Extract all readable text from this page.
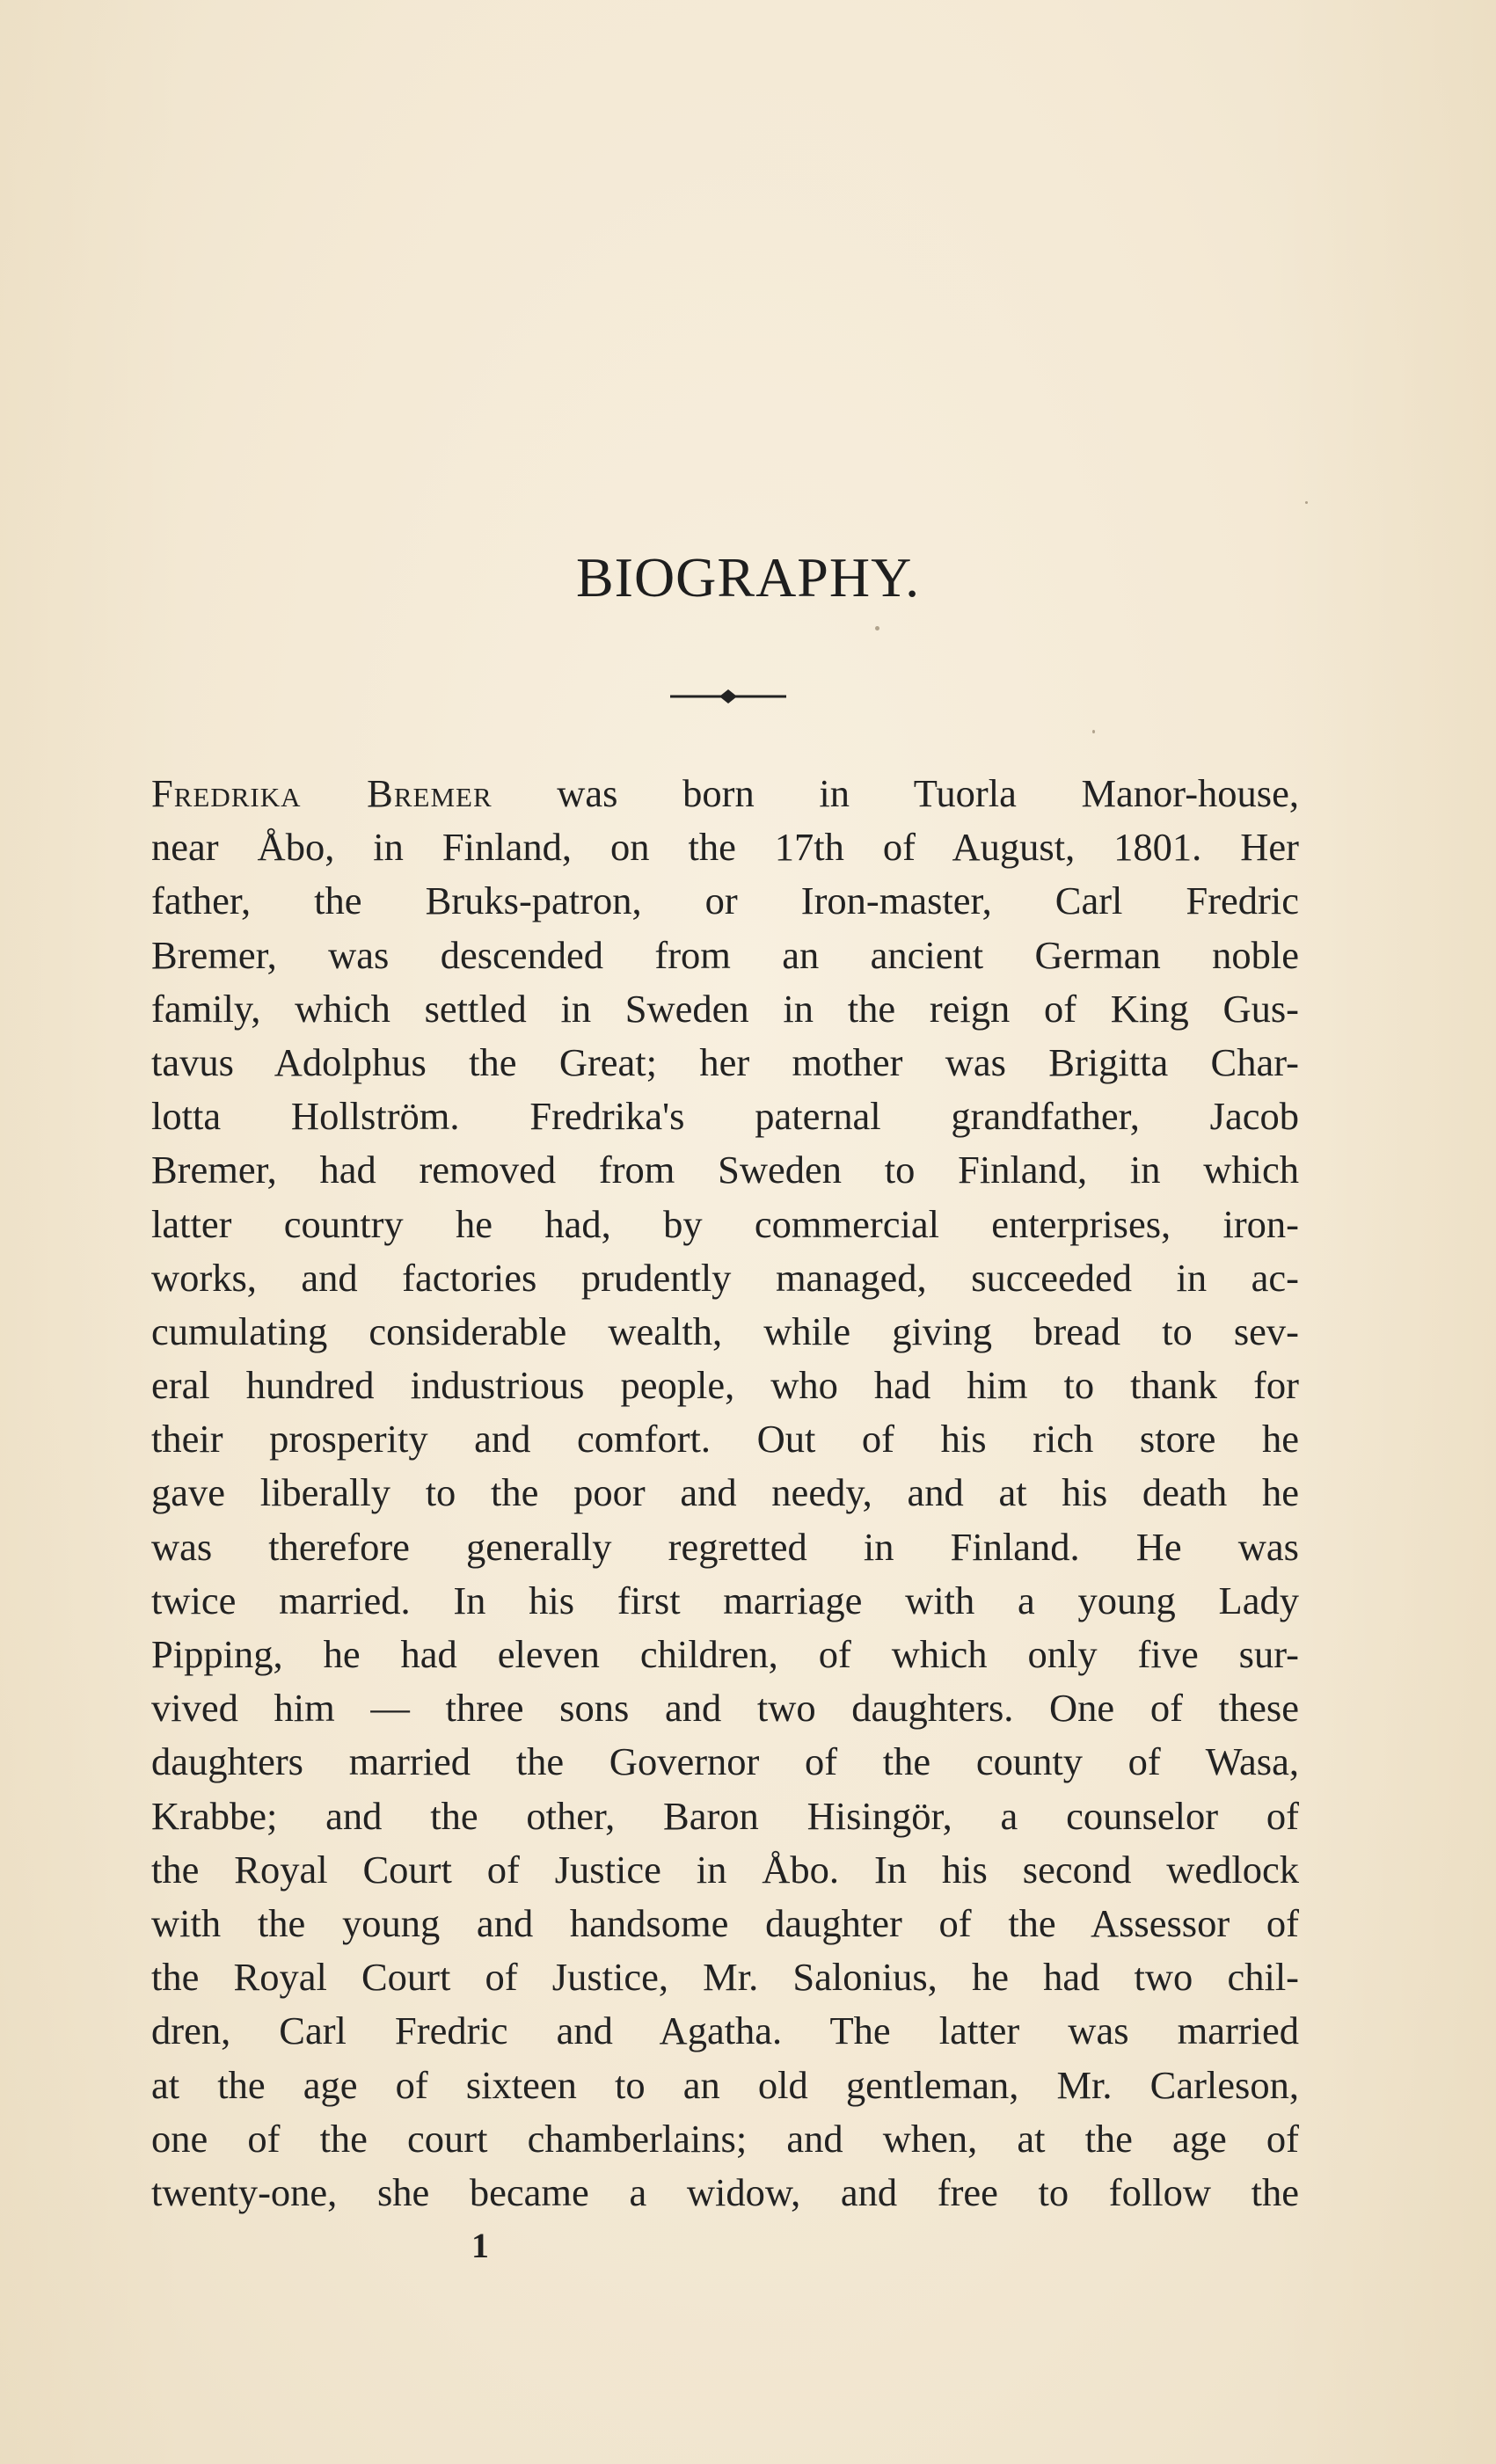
BIOGRAPHY.
Fredrika Bremer was born in Tuorla Manor-house,
near Åbo, in Finland, on the 17th of August, 1801. Her
father, the Bruks-patron, or Iron-master, Carl Fredric
Bremer, was descended from an ancient German noble
family, which settled in Sweden in the reign of King Gus-
tavus Adolphus the Great; her mother was Brigitta Char-
lotta Hollström. Fredrika's paternal grandfather, Jacob
Bremer, had removed from Sweden to Finland, in which
latter country he had, by commercial enterprises, iron-
works, and factories prudently managed, succeeded in ac-
cumulating considerable wealth, while giving bread to sev-
eral hundred industrious people, who had him to thank for
their prosperity and comfort. Out of his rich store he
gave liberally to the poor and needy, and at his death he
was therefore generally regretted in Finland. He was
twice married. In his first marriage with a young Lady
Pipping, he had eleven children, of which only five sur-
vived him — three sons and two daughters. One of these
daughters married the Governor of the county of Wasa,
Krabbe; and the other, Baron Hisingör, a counselor of
the Royal Court of Justice in Åbo. In his second wedlock
with the young and handsome daughter of the Assessor of
the Royal Court of Justice, Mr. Salonius, he had two chil-
dren, Carl Fredric and Agatha. The latter was married
at the age of sixteen to an old gentleman, Mr. Carleson,
one of the court chamberlains; and when, at the age of
twenty-one, she became a widow, and free to follow the
1
